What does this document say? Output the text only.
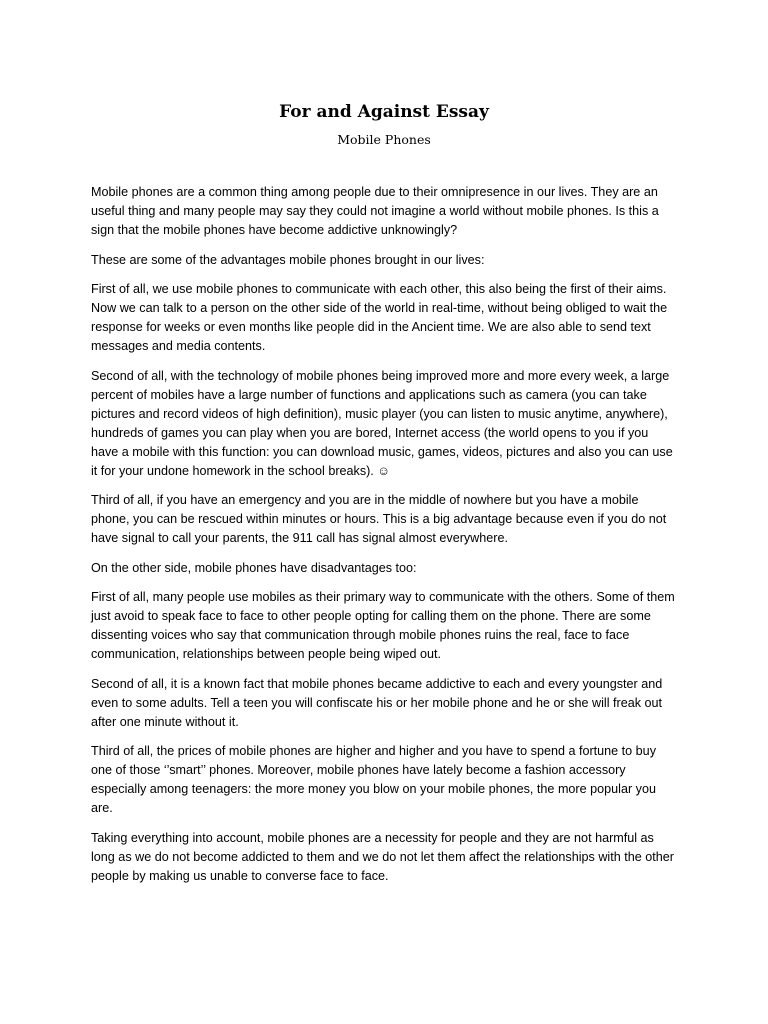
For and Against Essay
Mobile Phones

Mobile phones are a common thing among people due to their omnipresence in our lives. They are an useful thing and many people may say they could not imagine a world without mobile phones. Is this a sign that the mobile phones have become addictive unknowingly?

These are some of the advantages mobile phones brought in our lives:

First of all, we use mobile phones to communicate with each other, this also being the first of their aims. Now we can talk to a person on the other side of the world in real-time, without being obliged to wait the response for weeks or even months like people did in the Ancient time. We are also able to send text messages and media contents.

Second of all, with the technology of mobile phones being improved more and more every week, a large percent of mobiles have a large number of functions and applications such as camera (you can take pictures and record videos of high definition), music player (you can listen to music anytime, anywhere), hundreds of games you can play when you are bored, Internet access (the world opens to you if you have a mobile with this function: you can download music, games, videos, pictures and also you can use it for your undone homework in the school breaks). ☺

Third of all, if you have an emergency and you are in the middle of nowhere but you have a mobile phone, you can be rescued within minutes or hours. This is a big advantage because even if you do not have signal to call your parents, the 911 call has signal almost everywhere.

On the other side, mobile phones have disadvantages too:

First of all, many people use mobiles as their primary way to communicate with the others. Some of them just avoid to speak face to face to other people opting for calling them on the phone. There are some dissenting voices who say that communication through mobile phones ruins the real, face to face communication, relationships between people being wiped out.

Second of all, it is a known fact that mobile phones became addictive to each and every youngster and even to some adults. Tell a teen you will confiscate his or her mobile phone and he or she will freak out after one minute without it.

Third of all, the prices of mobile phones are higher and higher and you have to spend a fortune to buy one of those ‘’smart’’ phones. Moreover, mobile phones have lately become a fashion accessory especially among teenagers: the more money you blow on your mobile phones, the more popular you are.

Taking everything into account, mobile phones are a necessity for people and they are not harmful as long as we do not become addicted to them and we do not let them affect the relationships with the other people by making us unable to converse face to face.
